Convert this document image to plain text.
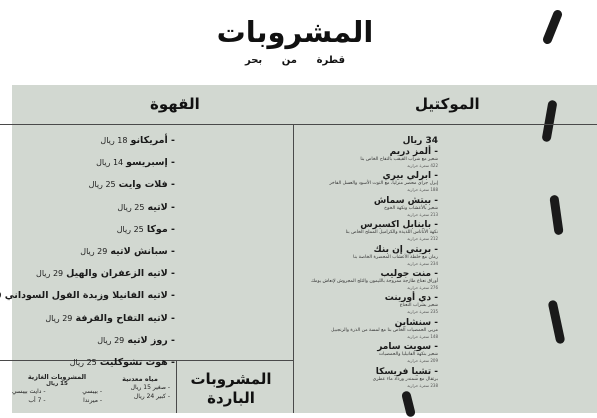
المشروبات
قطرة
من
بحر
القهوة	الموكتيل
- أمريكانو 18 ريال
- إسبريسو 14 ريال
- فلات وايت 25 ريال
- لاتيه 25 ريال
- موكا 25 ريال
- سبانش لاتيه 29 ريال
- لاتيه الزعفران والهيل 29 ريال
- لاتيه الفانيلا وزبدة الفول السوداني
- لاتيه التفاح والقرفة 29 ريال
- روز لاتيه 29 ريال
- هوت تشوكليت 25 ريال
34 ريال
- ألمز دريم
شعير مع شراب القيقب بالتفاح الخاص بنا
422 سعرة حرارية
- ابرلي بيري
إيرل جراي محضر منزلياً، مع التوت الأسود والعسل الفاخر
188 سعرة حرارية
- بيتش سماش
شعير بالأعشاب ونكهة الخوخ
213 سعرة حرارية
- باينابل اكسبرس
نكهة الأناناس اللذيذة والكراميل المملح الخاص بنا
212 سعرة حرارية
- بريتي إن بنك
رمان مع خلطة الأعشاب المحضرة الخاصة بنا
234 سعرة حرارية
- منت جوليب
أوراق نعناع طازجة ممزوجة بالليمون والثلج المجروش لإنعاش يومك
276 سعرة حرارية
- دي أورينت
شعير بشراب النعناع
235 سعرة حرارية
- سنشاين
مربى الحمضيات الخاص بنا مع لمسة من الذرة والزنجبيل
148 سعرة حرارية
- سويت سامر
شعير بنكهة الفانيليا والحمضيات
209 سعرة حرارية
- تشيا فريسكا
برتقال مع شمندر ورذاذ ماء عطري
238 سعرة حرارية
المشروبات
الباردة
مياه معدنية
- صغير 15 ريال
- كبير 24 ريال
المشروبات الغازية
15 ريال
- بيبسي
- ميرندا
- دايت بيبسي
- 7 أب
